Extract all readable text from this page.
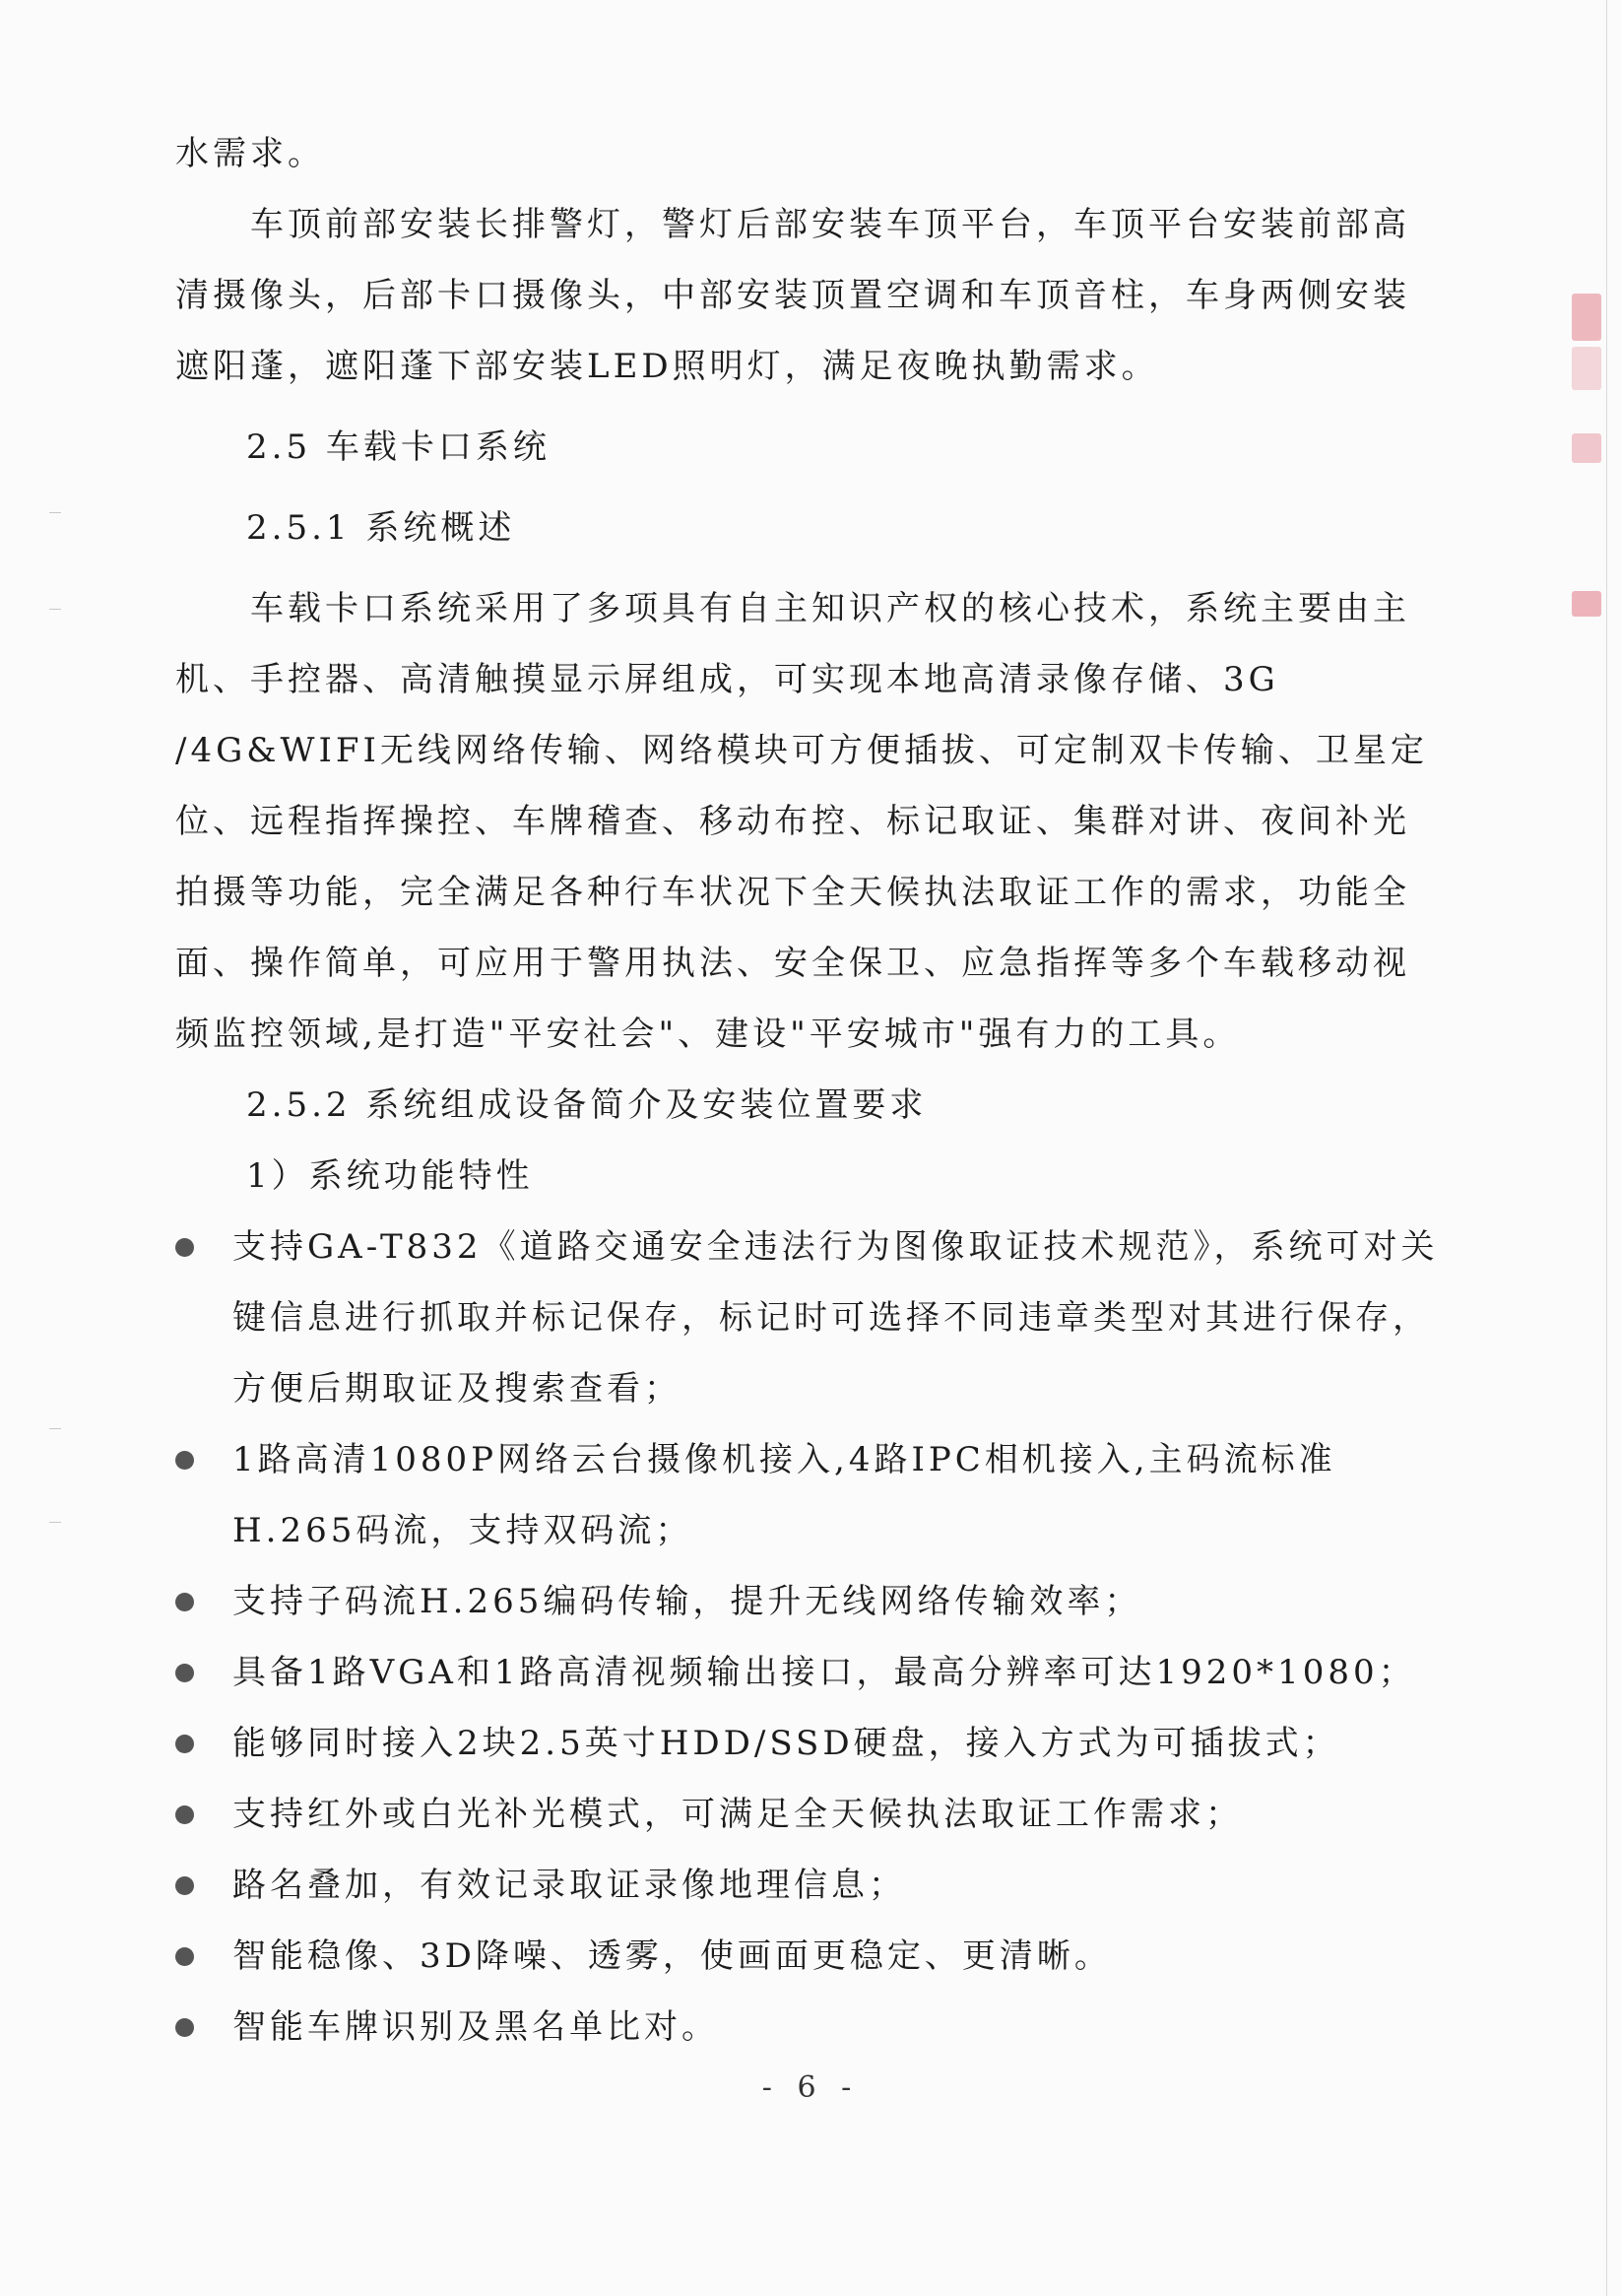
水需求。

车顶前部安装长排警灯，警灯后部安装车顶平台，车顶平台安装前部高清摄像头，后部卡口摄像头，中部安装顶置空调和车顶音柱，车身两侧安装遮阳蓬，遮阳蓬下部安装LED照明灯，满足夜晚执勤需求。

2.5 车载卡口系统
2.5.1 系统概述

车载卡口系统采用了多项具有自主知识产权的核心技术，系统主要由主机、手控器、高清触摸显示屏组成，可实现本地高清录像存储、3G /4G&WIFI无线网络传输、网络模块可方便插拔、可定制双卡传输、卫星定位、远程指挥操控、车牌稽查、移动布控、标记取证、集群对讲、夜间补光拍摄等功能，完全满足各种行车状况下全天候执法取证工作的需求，功能全面、操作简单，可应用于警用执法、安全保卫、应急指挥等多个车载移动视频监控领域,是打造"平安社会"、建设"平安城市"强有力的工具。

2.5.2 系统组成设备简介及安装位置要求
1）系统功能特性
支持GA-T832《道路交通安全违法行为图像取证技术规范》，系统可对关键信息进行抓取并标记保存，标记时可选择不同违章类型对其进行保存，方便后期取证及搜索查看；
1路高清1080P网络云台摄像机接入,4路IPC相机接入,主码流标准H.265码流，支持双码流；
支持子码流H.265编码传输，提升无线网络传输效率；
具备1路VGA和1路高清视频输出接口，最高分辨率可达1920*1080；
能够同时接入2块2.5英寸HDD/SSD硬盘，接入方式为可插拔式；
支持红外或白光补光模式，可满足全天候执法取证工作需求；
路名叠加，有效记录取证录像地理信息；
智能稳像、3D降噪、透雾，使画面更稳定、更清晰。
智能车牌识别及黑名单比对。
- 6 -
